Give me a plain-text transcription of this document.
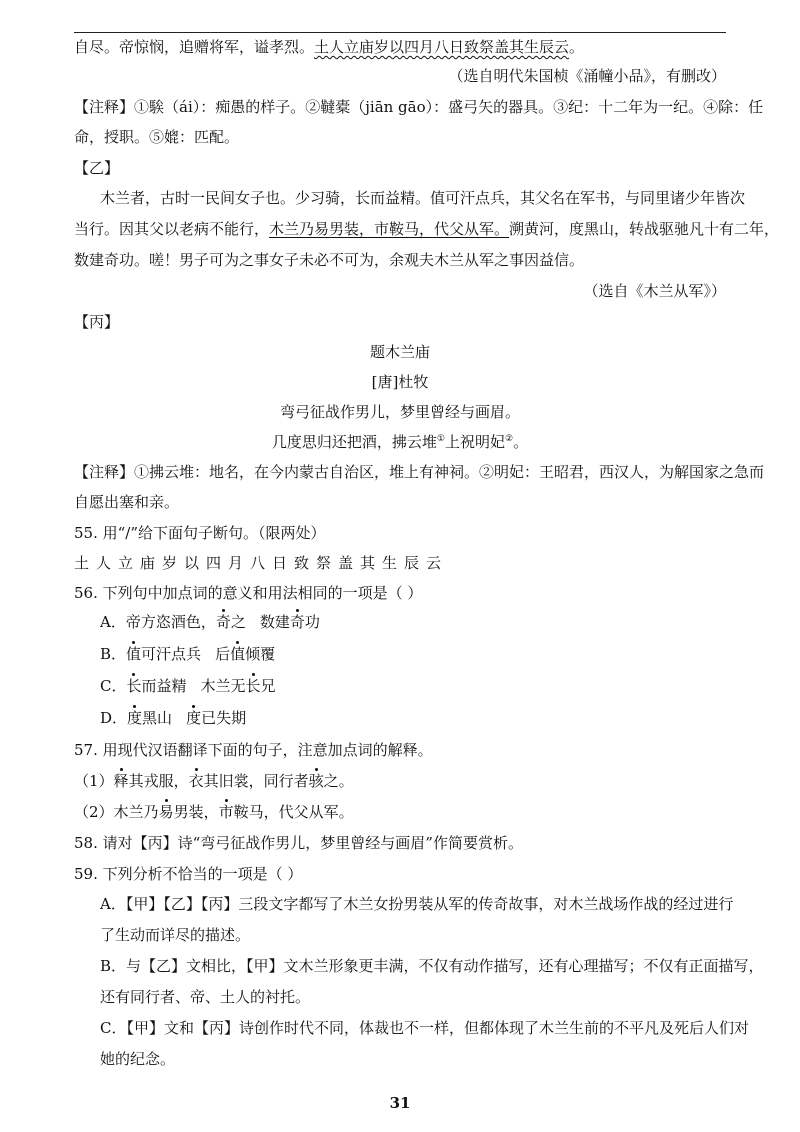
自尽。帝惊悯，追赠将军，谥孝烈。土人立庙岁以四月八日致祭盖其生辰云。
（选自明代朱国桢《涌幢小品》，有删改）
【注释】①騃（ái）：痴愚的样子。②韃橐（jiān gāo）：盛弓矢的器具。③纪：十二年为一纪。④除：任
命，授职。⑤媲：匹配。
【乙】
木兰者，古时一民间女子也。少习骑，长而益精。值可汗点兵，其父名在军书，与同里诸少年皆次
当行。因其父以老病不能行，木兰乃易男装，市鞍马，代父从军。溯黄河，度黑山，转战驱驰凡十有二年，
数建奇功。嗟！男子可为之事女子未必不可为，余观夫木兰从军之事因益信。
（选自《木兰从军》）
【丙】
题木兰庙
[唐]杜牧
弯弓征战作男儿，梦里曾经与画眉。
几度思归还把酒，拂云堆①上祝明妃②。
【注释】①拂云堆：地名，在今内蒙古自治区，堆上有神祠。②明妃：王昭君，西汉人，为解国家之急而
自愿出塞和亲。
55. 用“/”给下面句子断句。（限两处）
土人立庙岁以四月八日致祭盖其生辰云
56. 下列句中加点词的意义和用法相同的一项是（ ）
A．帝方恣酒色，奇之 数建奇功
B．值可汗点兵 后值倾覆
C．长而益精 木兰无长兄
D．度黑山 度已失期
57. 用现代汉语翻译下面的句子，注意加点词的解释。
（1）释其戎服，衣其旧裳，同行者骇之。
（2）木兰乃易男装，市鞍马，代父从军。
58. 请对【丙】诗“弯弓征战作男儿，梦里曾经与画眉”作简要赏析。
59. 下列分析不恰当的一项是（ ）
A．【甲】【乙】【丙】三段文字都写了木兰女扮男装从军的传奇故事，对木兰战场作战的经过进行
了生动而详尽的描述。
B．与【乙】文相比，【甲】文木兰形象更丰满，不仅有动作描写，还有心理描写；不仅有正面描写，
还有同行者、帝、土人的衬托。
C．【甲】文和【丙】诗创作时代不同，体裁也不一样，但都体现了木兰生前的不平凡及死后人们对
她的纪念。
31
